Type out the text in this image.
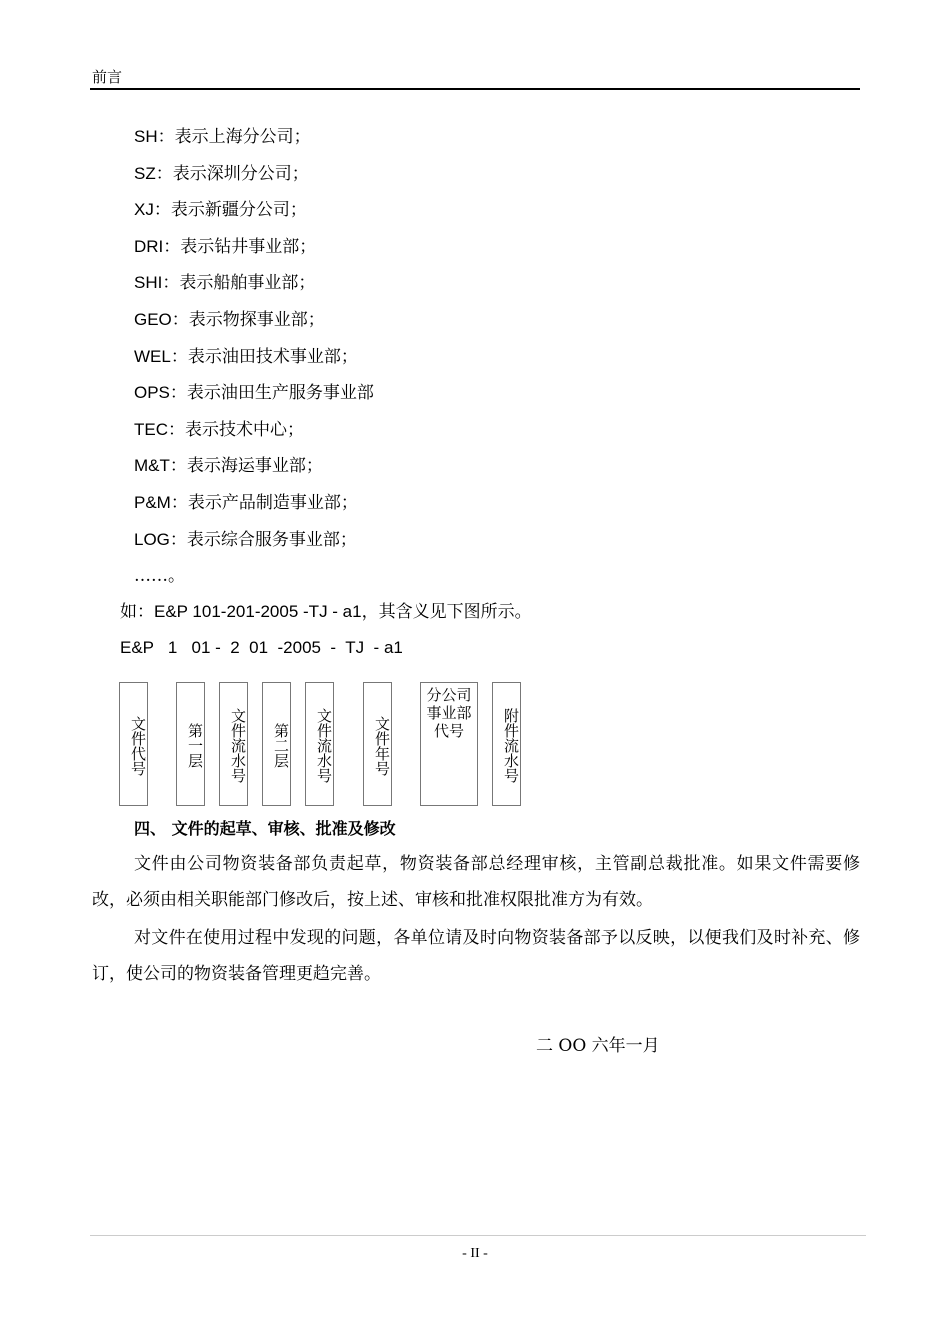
前言
SH：表示上海分公司；
SZ：表示深圳分公司；
XJ：表示新疆分公司；
DRI：表示钻井事业部；
SHI：表示船舶事业部；
GEO：表示物探事业部；
WEL：表示油田技术事业部；
OPS：表示油田生产服务事业部
TEC：表示技术中心；
M&T：表示海运事业部；
P&M：表示产品制造事业部；
LOG：表示综合服务事业部；
……。
如：E&P 101-201-2005 -TJ - a1，其含义见下图所示。
E&P   1   01 -  2  01  -2005  -  TJ  - a1
文件代号	第一层	文件流水号	第二层	文件流水号	文件年号
分公司事业部代号	附件流水号
四、 文件的起草、审核、批准及修改
文件由公司物资装备部负责起草，物资装备部总经理审核，主管副总裁批准。如果文件需要修改，必须由相关职能部门修改后，按上述、审核和批准权限批准方为有效。
对文件在使用过程中发现的问题，各单位请及时向物资装备部予以反映，以便我们及时补充、修订，使公司的物资装备管理更趋完善。
二 OO 六年一月
- II -
